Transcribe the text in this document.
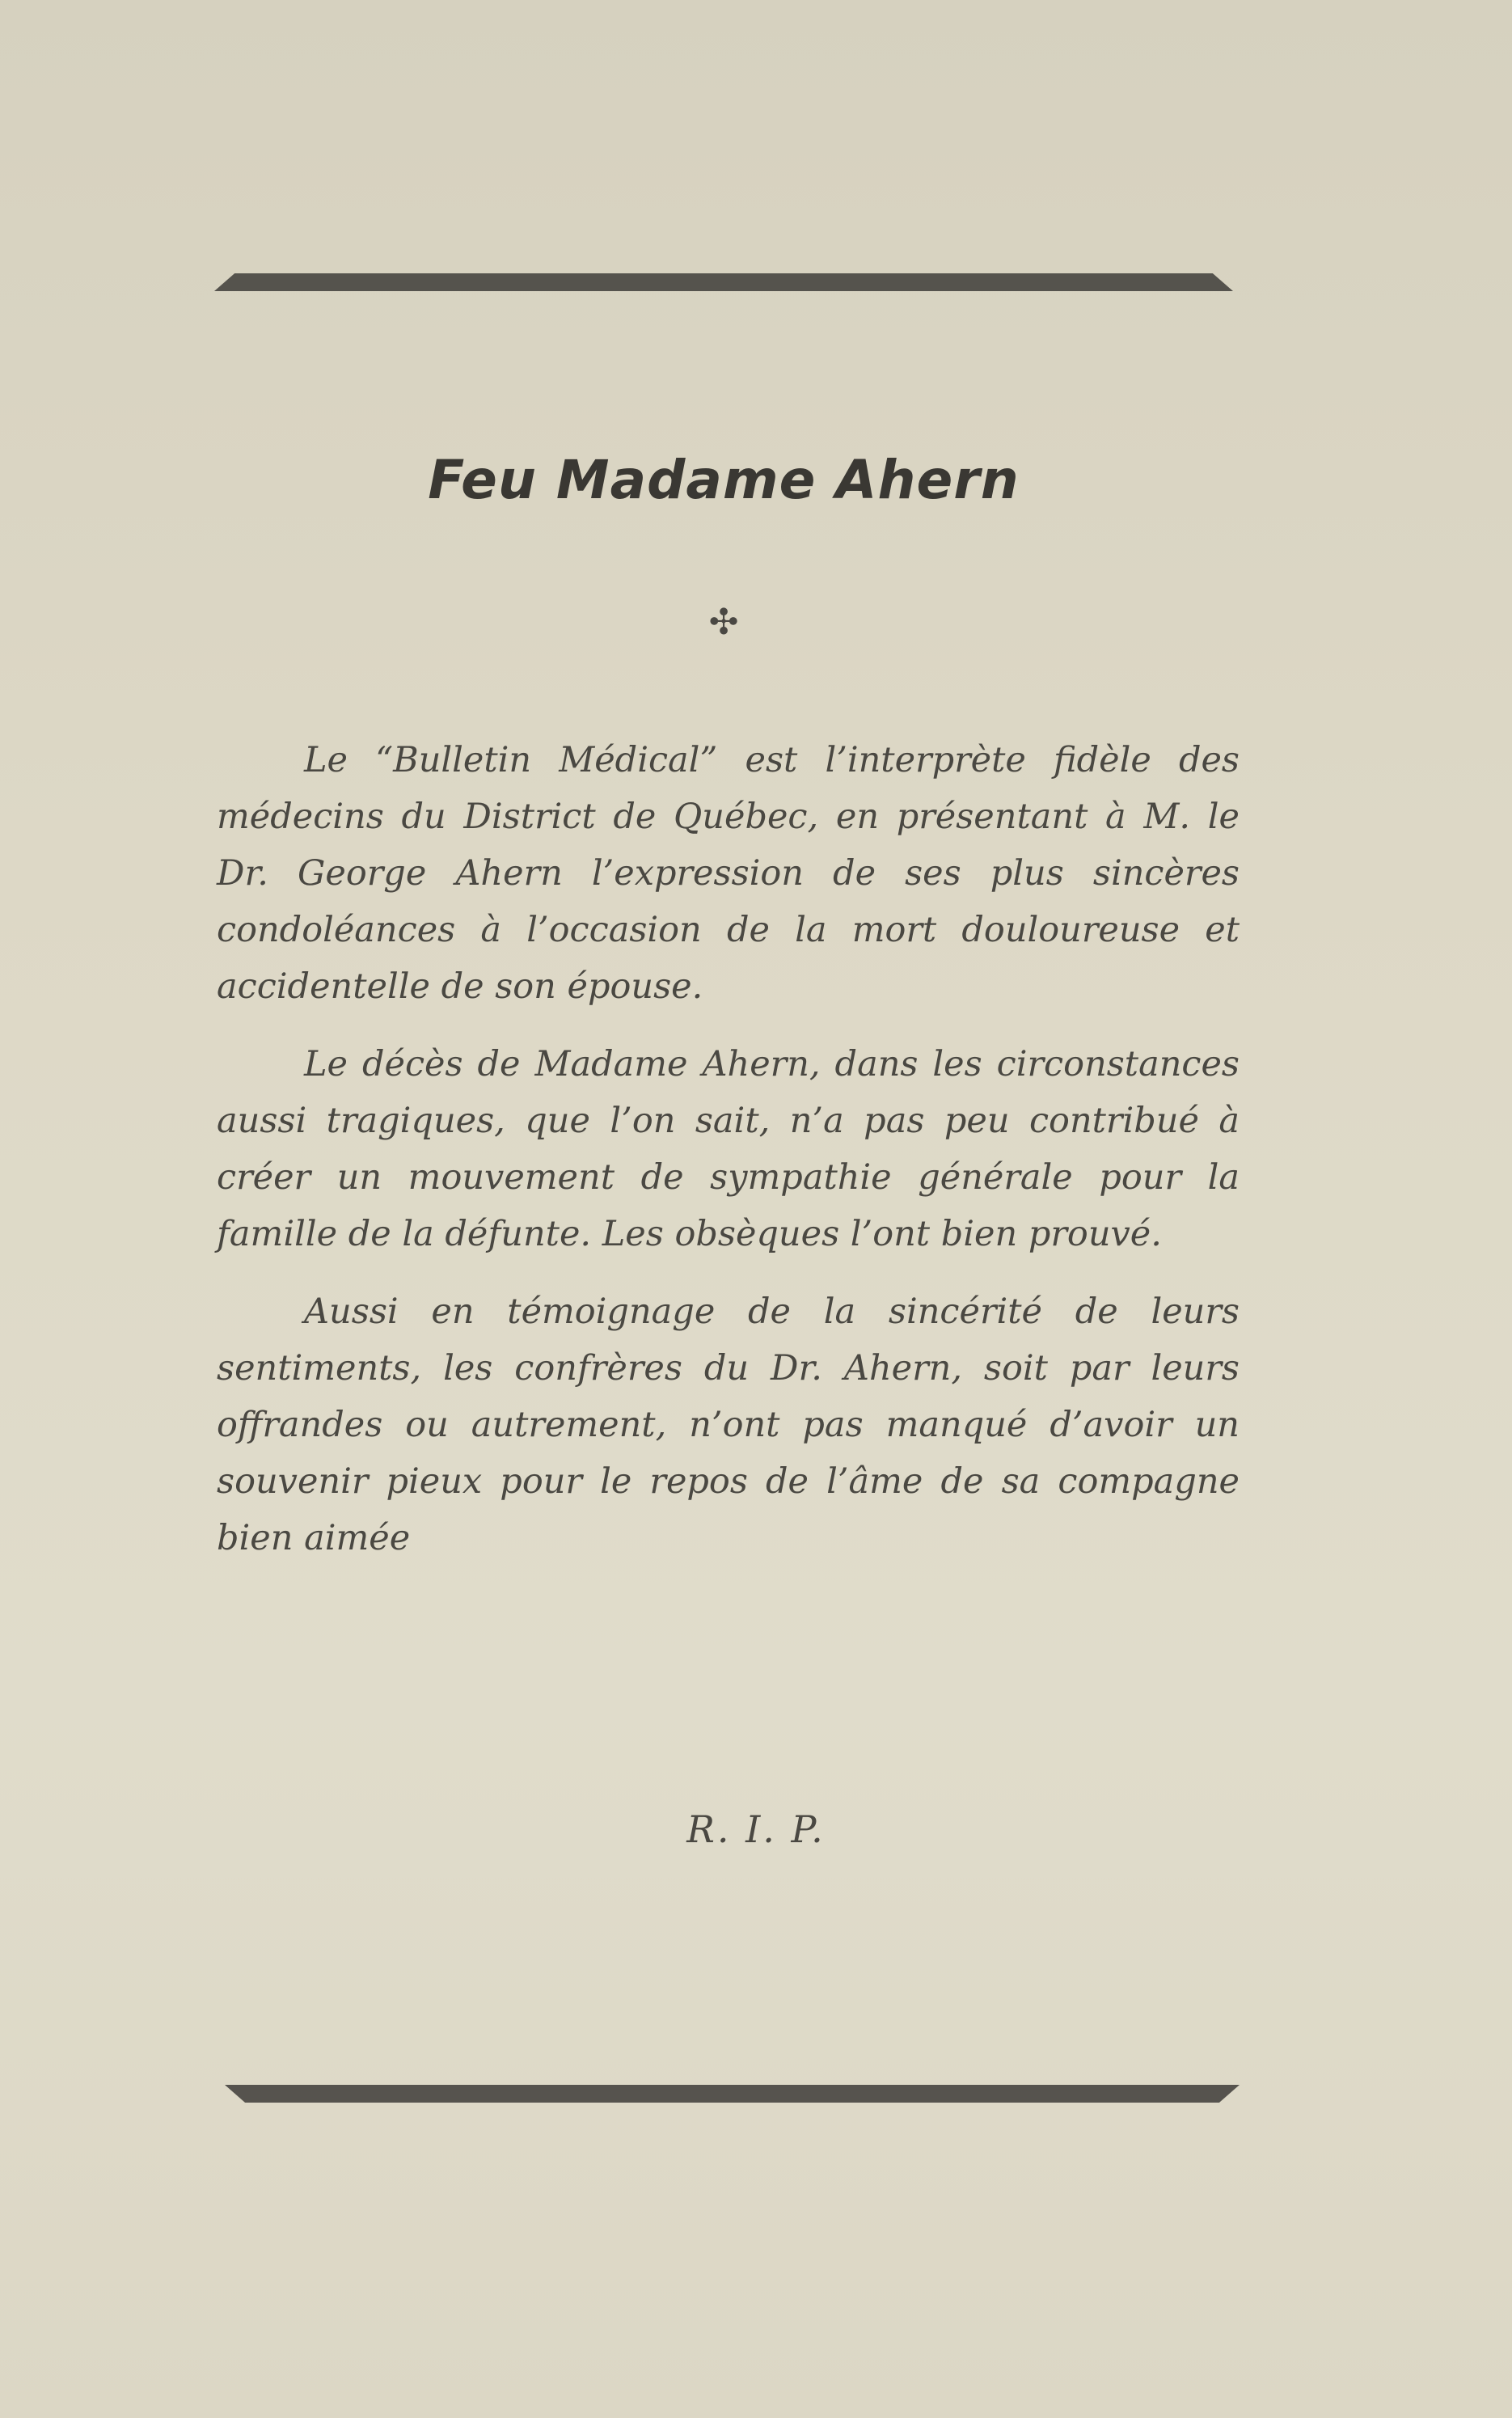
Feu Madame Ahern
✣

Le “Bulletin Médical” est l’interprète fidèle des médecins du District de Québec, en présentant à M. le Dr. George Ahern l’expression de ses plus sincères condoléances à l’occasion de la mort douloureuse et accidentelle de son épouse.

Le décès de Madame Ahern, dans les circonstances aussi tragiques, que l’on sait, n’a pas peu contribué à créer un mouvement de sympathie générale pour la famille de la défunte. Les obsèques l’ont bien prouvé.

Aussi en témoignage de la sincérité de leurs sentiments, les confrères du Dr. Ahern, soit par leurs offrandes ou autrement, n’ont pas manqué d’avoir un souvenir pieux pour le repos de l’âme de sa compagne bien aimée

R. I. P.
